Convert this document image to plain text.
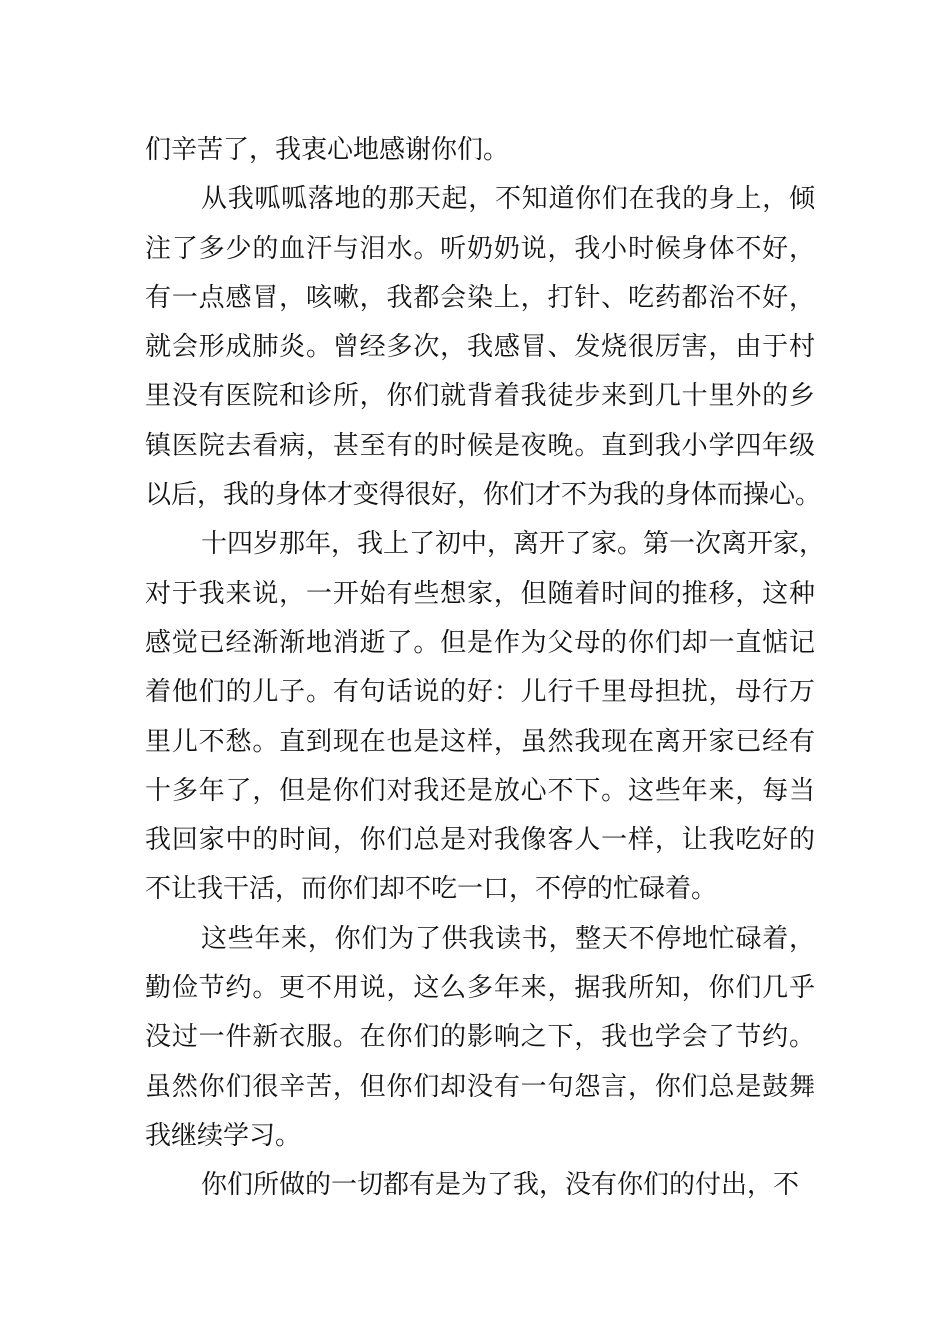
们辛苦了，我衷心地感谢你们。
从我呱呱落地的那天起，不知道你们在我的身上，倾
注了多少的血汗与泪水。听奶奶说，我小时候身体不好，
有一点感冒，咳嗽，我都会染上，打针、吃药都治不好，
就会形成肺炎。曾经多次，我感冒、发烧很厉害，由于村
里没有医院和诊所，你们就背着我徒步来到几十里外的乡
镇医院去看病，甚至有的时候是夜晚。直到我小学四年级
以后，我的身体才变得很好，你们才不为我的身体而操心。
十四岁那年，我上了初中，离开了家。第一次离开家，
对于我来说，一开始有些想家，但随着时间的推移，这种
感觉已经渐渐地消逝了。但是作为父母的你们却一直惦记
着他们的儿子。有句话说的好：儿行千里母担扰，母行万
里儿不愁。直到现在也是这样，虽然我现在离开家已经有
十多年了，但是你们对我还是放心不下。这些年来，每当
我回家中的时间，你们总是对我像客人一样，让我吃好的
不让我干活，而你们却不吃一口，不停的忙碌着。
这些年来，你们为了供我读书，整天不停地忙碌着，
勤俭节约。更不用说，这么多年来，据我所知，你们几乎
没过一件新衣服。在你们的影响之下，我也学会了节约。
虽然你们很辛苦，但你们却没有一句怨言，你们总是鼓舞
我继续学习。
你们所做的一切都有是为了我，没有你们的付出，不
